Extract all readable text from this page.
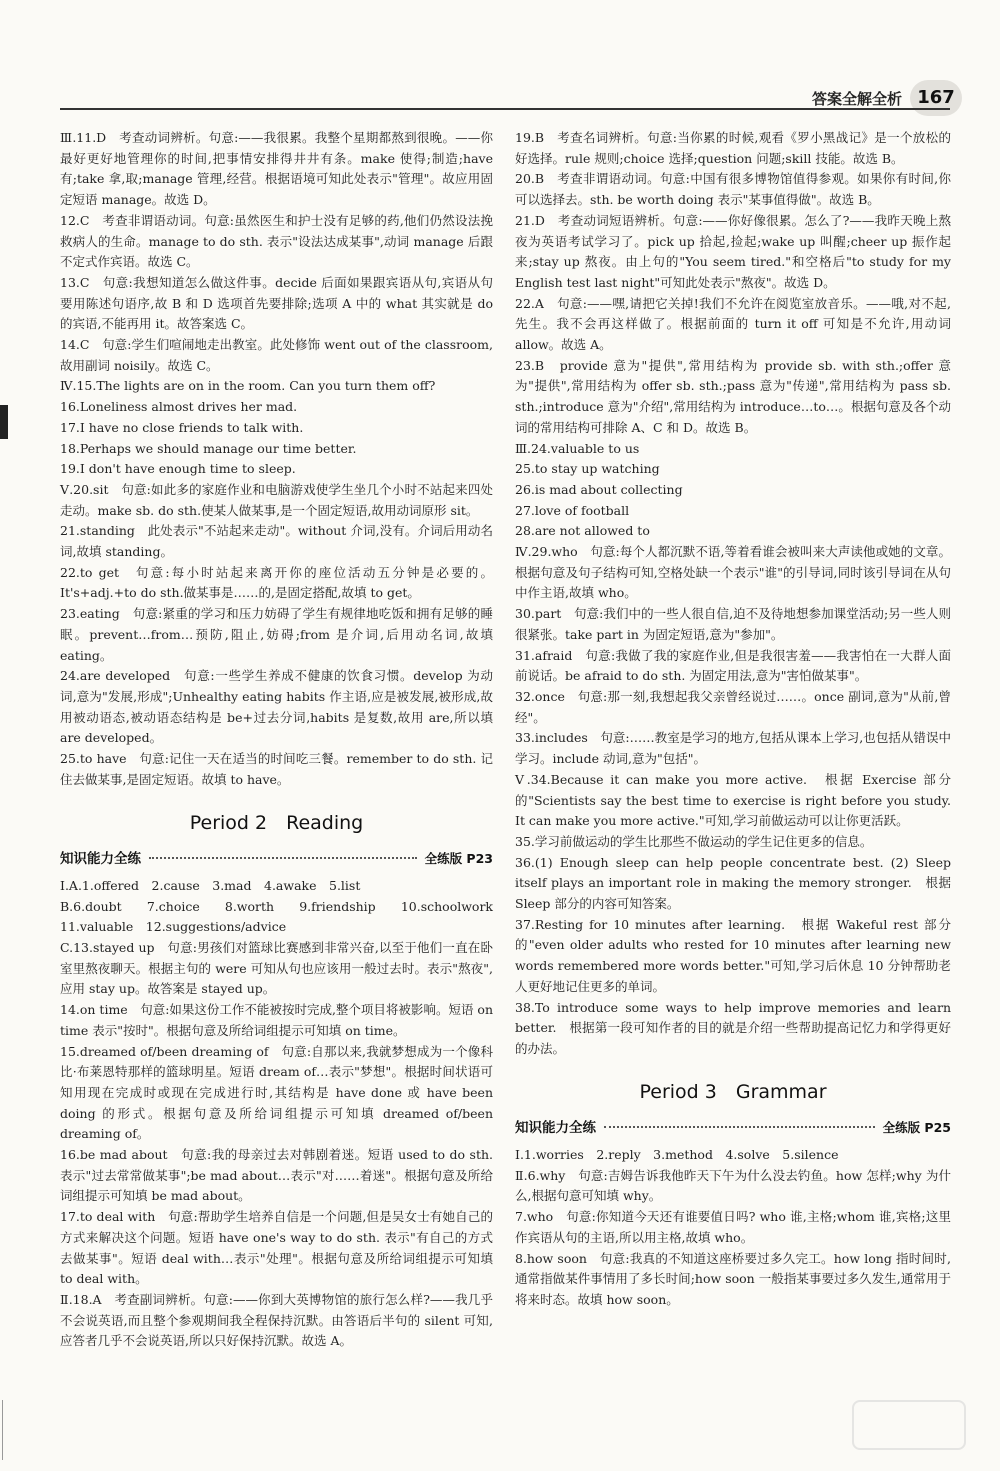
答案全解全析 167

Ⅲ.11.D　考查动词辨析。句意:——我很累。我整个星期都熬到很晚。——你最好更好地管理你的时间,把事情安排得井井有条。make 使得;制造;have 有;take 拿,取;manage 管理,经营。根据语境可知此处表示"管理"。故应用固定短语 manage。故选 D。

12.C　考查非谓语动词。句意:虽然医生和护士没有足够的药,他们仍然设法挽救病人的生命。manage to do sth. 表示"设法达成某事",动词 manage 后跟不定式作宾语。故选 C。

13.C　句意:我想知道怎么做这件事。decide 后面如果跟宾语从句,宾语从句要用陈述句语序,故 B 和 D 选项首先要排除;选项 A 中的 what 其实就是 do 的宾语,不能再用 it。故答案选 C。

14.C　句意:学生们喧闹地走出教室。此处修饰 went out of the classroom,故用副词 noisily。故选 C。

Ⅳ.15.The lights are on in the room. Can you turn them off?

16.Loneliness almost drives her mad.

17.I have no close friends to talk with.

18.Perhaps we should manage our time better.

19.I don't have enough time to sleep.

Ⅴ.20.sit　句意:如此多的家庭作业和电脑游戏使学生坐几个小时不站起来四处走动。make sb. do sth.使某人做某事,是一个固定短语,故用动词原形 sit。

21.standing　此处表示"不站起来走动"。without 介词,没有。介词后用动名词,故填 standing。

22.to get　句意:每小时站起来离开你的座位活动五分钟是必要的。It's+adj.+to do sth.做某事是……的,是固定搭配,故填 to get。

23.eating　句意:紧重的学习和压力妨碍了学生有规律地吃饭和拥有足够的睡眠。prevent…from…预防,阻止,妨碍;from 是介词,后用动名词,故填 eating。

24.are developed　句意:一些学生养成不健康的饮食习惯。develop 为动词,意为"发展,形成";Unhealthy eating habits 作主语,应是被发展,被形成,故用被动语态,被动语态结构是 be+过去分词,habits 是复数,故用 are,所以填 are developed。

25.to have　句意:记住一天在适当的时间吃三餐。remember to do sth. 记住去做某事,是固定短语。故填 to have。

Period 2　Reading
知识能力全练	全练版 P23

Ⅰ.A.1.offered　2.cause　3.mad　4.awake　5.list

B.6.doubt　7.choice　8.worth　9.friendship　10.schoolwork　11.valuable　12.suggestions/advice

C.13.stayed up　句意:男孩们对篮球比赛感到非常兴奋,以至于他们一直在卧室里熬夜聊天。根据主句的 were 可知从句也应该用一般过去时。表示"熬夜",应用 stay up。故答案是 stayed up。

14.on time　句意:如果这份工作不能被按时完成,整个项目将被影响。短语 on time 表示"按时"。根据句意及所给词组提示可知填 on time。

15.dreamed of/been dreaming of　句意:自那以来,我就梦想成为一个像科比·布莱恩特那样的篮球明星。短语 dream of…表示"梦想"。根据时间状语可知用现在完成时或现在完成进行时,其结构是 have done 或 have been doing 的形式。根据句意及所给词组提示可知填 dreamed of/been dreaming of。

16.be mad about　句意:我的母亲过去对韩剧着迷。短语 used to do sth. 表示"过去常常做某事";be mad about…表示"对……着迷"。根据句意及所给词组提示可知填 be mad about。

17.to deal with　句意:帮助学生培养自信是一个问题,但是吴女士有她自己的方式来解决这个问题。短语 have one's way to do sth. 表示"有自己的方式去做某事"。短语 deal with…表示"处理"。根据句意及所给词组提示可知填 to deal with。

Ⅱ.18.A　考查副词辨析。句意:——你到大英博物馆的旅行怎么样?——我几乎不会说英语,而且整个参观期间我全程保持沉默。由答语后半句的 silent 可知,应答者几乎不会说英语,所以只好保持沉默。故选 A。

19.B　考查名词辨析。句意:当你累的时候,观看《罗小黑战记》是一个放松的好选择。rule 规则;choice 选择;question 问题;skill 技能。故选 B。

20.B　考查非谓语动词。句意:中国有很多博物馆值得参观。如果你有时间,你可以选择去。sth. be worth doing 表示"某事值得做"。故选 B。

21.D　考查动词短语辨析。句意:——你好像很累。怎么了?——我昨天晚上熬夜为英语考试学习了。pick up 拾起,捡起;wake up 叫醒;cheer up 振作起来;stay up 熬夜。由上句的"You seem tired."和空格后"to study for my English test last night"可知此处表示"熬夜"。故选 D。

22.A　句意:——嘿,请把它关掉!我们不允许在阅览室放音乐。——哦,对不起,先生。我不会再这样做了。根据前面的 turn it off 可知是不允许,用动词 allow。故选 A。

23.B　provide 意为"提供",常用结构为 provide sb. with sth.;offer 意为"提供",常用结构为 offer sb. sth.;pass 意为"传递",常用结构为 pass sb. sth.;introduce 意为"介绍",常用结构为 introduce…to…。根据句意及各个动词的常用结构可排除 A、C 和 D。故选 B。

Ⅲ.24.valuable to us

25.to stay up watching

26.is mad about collecting

27.love of football

28.are not allowed to

Ⅳ.29.who　句意:每个人都沉默不语,等着看谁会被叫来大声读他或她的文章。根据句意及句子结构可知,空格处缺一个表示"谁"的引导词,同时该引导词在从句中作主语,故填 who。

30.part　句意:我们中的一些人很自信,迫不及待地想参加课堂活动;另一些人则很紧张。take part in 为固定短语,意为"参加"。

31.afraid　句意:我做了我的家庭作业,但是我很害羞——我害怕在一大群人面前说话。be afraid to do sth. 为固定用法,意为"害怕做某事"。

32.once　句意:那一刻,我想起我父亲曾经说过……。once 副词,意为"从前,曾经"。

33.includes　句意:……教室是学习的地方,包括从课本上学习,也包括从错误中学习。include 动词,意为"包括"。

Ⅴ.34.Because it can make you more active.　根据 Exercise 部分的"Scientists say the best time to exercise is right before you study. It can make you more active."可知,学习前做运动可以让你更活跃。

35.学习前做运动的学生比那些不做运动的学生记住更多的信息。

36.(1) Enough sleep can help people concentrate best. (2) Sleep itself plays an important role in making the memory stronger.　根据 Sleep 部分的内容可知答案。

37.Resting for 10 minutes after learning.　根据 Wakeful rest 部分的"even older adults who rested for 10 minutes after learning new words remembered more words better."可知,学习后休息 10 分钟帮助老人更好地记住更多的单词。

38.To introduce some ways to help improve memories and learn better.　根据第一段可知作者的目的就是介绍一些帮助提高记忆力和学得更好的办法。

Period 3　Grammar
知识能力全练	全练版 P25

Ⅰ.1.worries　2.reply　3.method　4.solve　5.silence

Ⅱ.6.why　句意:吉姆告诉我他昨天下午为什么没去钓鱼。how 怎样;why 为什么,根据句意可知填 why。

7.who　句意:你知道今天还有谁要值日吗? who 谁,主格;whom 谁,宾格;这里作宾语从句的主语,所以用主格,故填 who。

8.how soon　句意:我真的不知道这座桥要过多久完工。how long 指时间时,通常指做某件事情用了多长时间;how soon 一般指某事要过多久发生,通常用于将来时态。故填 how soon。
